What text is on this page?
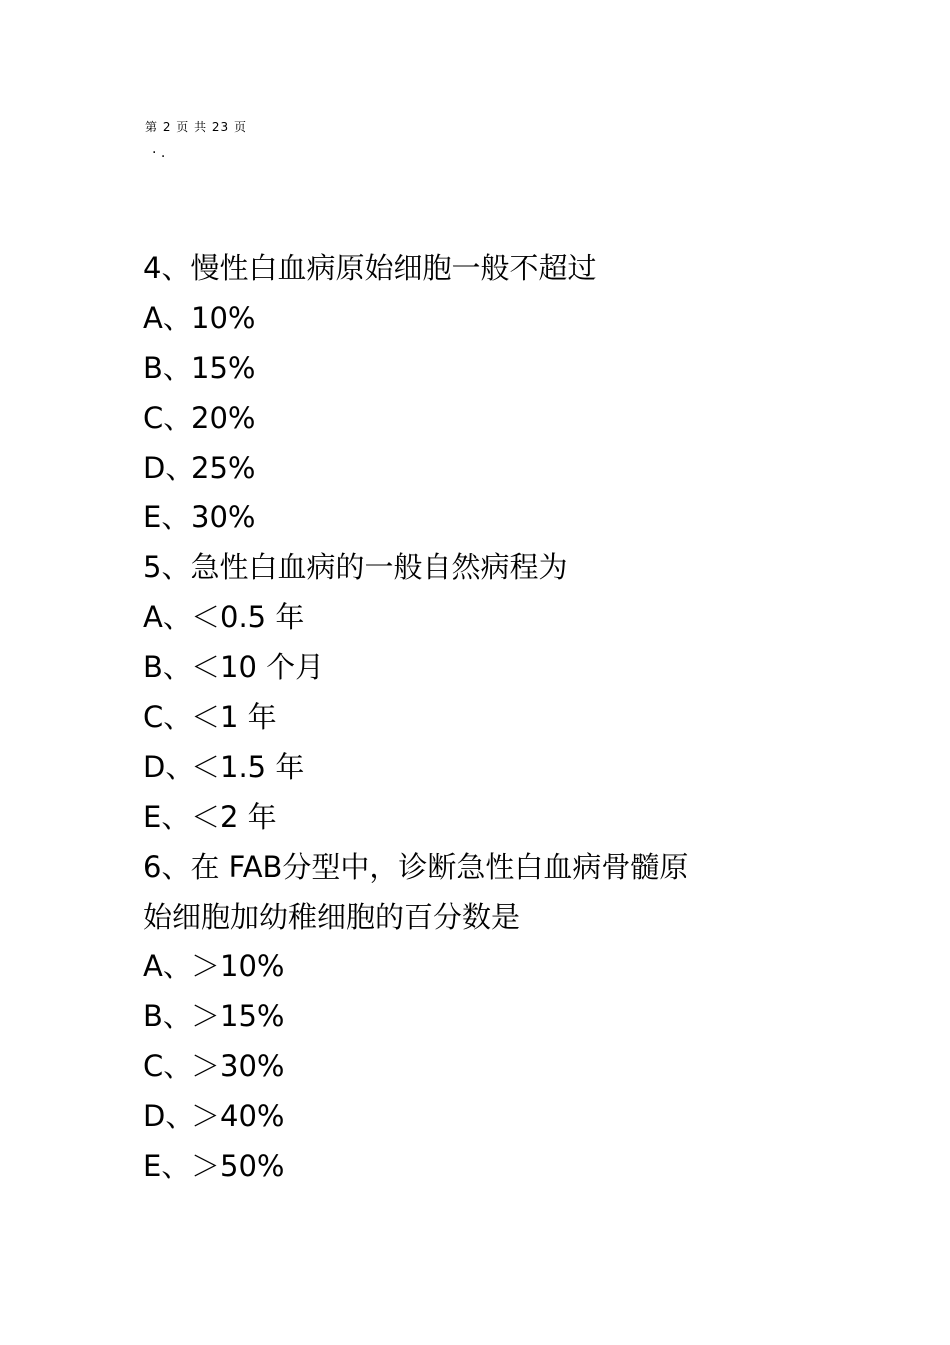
第 2 页 共 23 页
· .
4、慢性白血病原始细胞一般不超过
A、10%
B、15%
C、20%
D、25%
E、30%
5、急性白血病的一般自然病程为
A、＜0.5 年
B、＜10 个月
C、＜1 年
D、＜1.5 年
E、＜2 年
6、在 FAB分型中，诊断急性白血病骨髓原
始细胞加幼稚细胞的百分数是
A、＞10%
B、＞15%
C、＞30%
D、＞40%
E、＞50%
